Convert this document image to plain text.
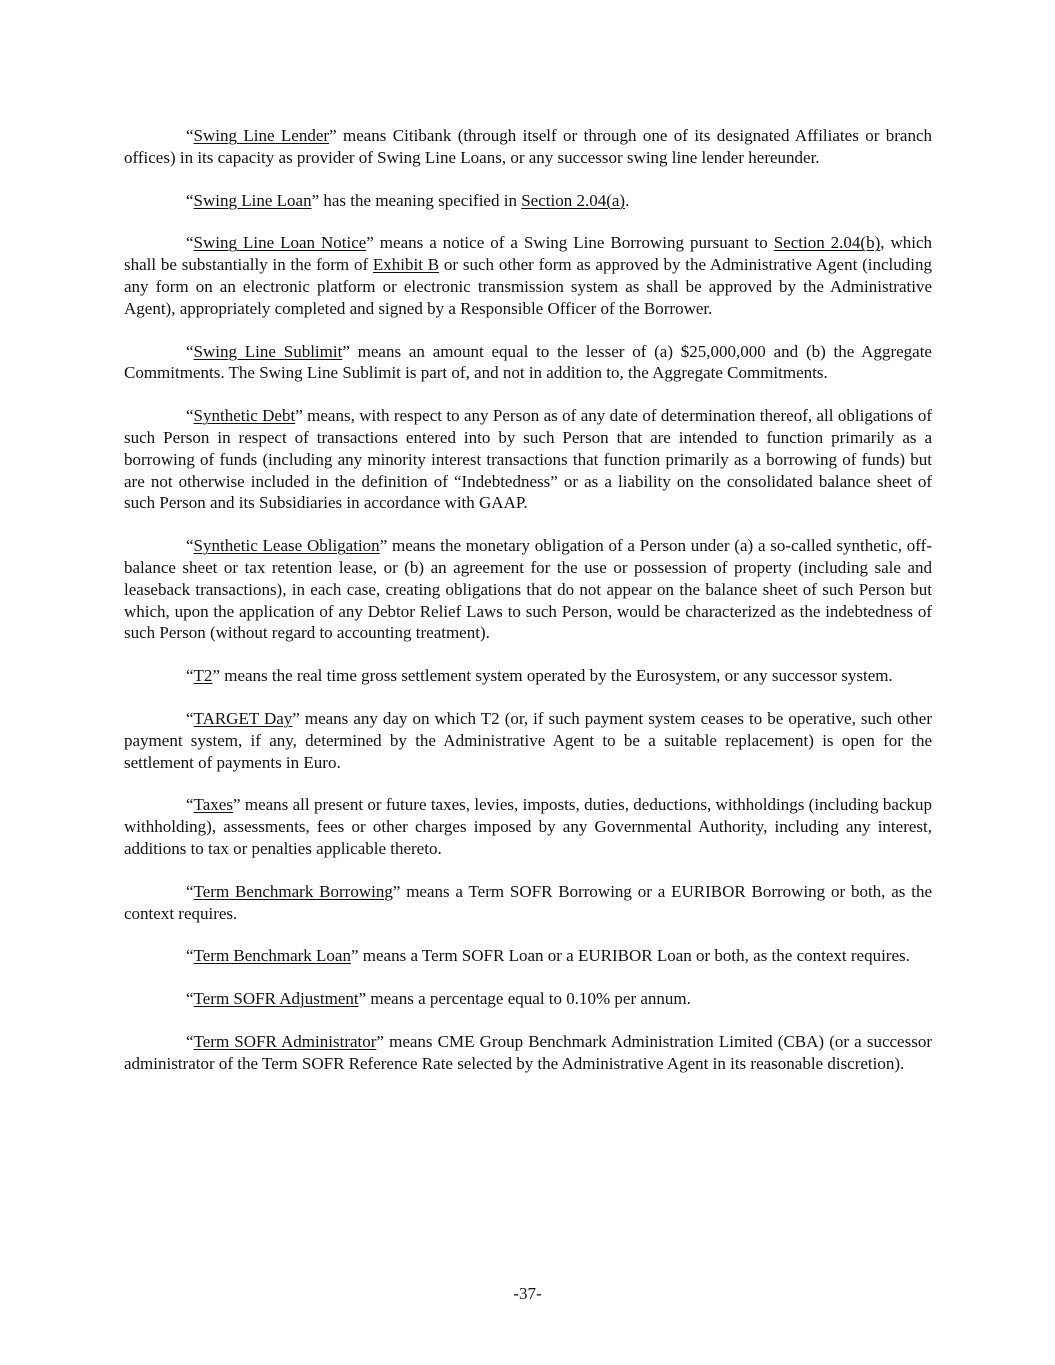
“Swing Line Lender” means Citibank (through itself or through one of its designated Affiliates or branch offices) in its capacity as provider of Swing Line Loans, or any successor swing line lender hereunder.

“Swing Line Loan” has the meaning specified in Section 2.04(a).

“Swing Line Loan Notice” means a notice of a Swing Line Borrowing pursuant to Section 2.04(b), which shall be substantially in the form of Exhibit B or such other form as approved by the Administrative Agent (including any form on an electronic platform or electronic transmission system as shall be approved by the Administrative Agent), appropriately completed and signed by a Responsible Officer of the Borrower.

“Swing Line Sublimit” means an amount equal to the lesser of (a) $25,000,000 and (b) the Aggregate Commitments. The Swing Line Sublimit is part of, and not in addition to, the Aggregate Commitments.

“Synthetic Debt” means, with respect to any Person as of any date of determination thereof, all obligations of such Person in respect of transactions entered into by such Person that are intended to function primarily as a borrowing of funds (including any minority interest transactions that function primarily as a borrowing of funds) but are not otherwise included in the definition of “Indebtedness” or as a liability on the consolidated balance sheet of such Person and its Subsidiaries in accordance with GAAP.

“Synthetic Lease Obligation” means the monetary obligation of a Person under (a) a so-called synthetic, off-balance sheet or tax retention lease, or (b) an agreement for the use or possession of property (including sale and leaseback transactions), in each case, creating obligations that do not appear on the balance sheet of such Person but which, upon the application of any Debtor Relief Laws to such Person, would be characterized as the indebtedness of such Person (without regard to accounting treatment).

“T2” means the real time gross settlement system operated by the Eurosystem, or any successor system.

“TARGET Day” means any day on which T2 (or, if such payment system ceases to be operative, such other payment system, if any, determined by the Administrative Agent to be a suitable replacement) is open for the settlement of payments in Euro.

“Taxes” means all present or future taxes, levies, imposts, duties, deductions, withholdings (including backup withholding), assessments, fees or other charges imposed by any Governmental Authority, including any interest, additions to tax or penalties applicable thereto.

“Term Benchmark Borrowing” means a Term SOFR Borrowing or a EURIBOR Borrowing or both, as the context requires.

“Term Benchmark Loan” means a Term SOFR Loan or a EURIBOR Loan or both, as the context requires.

“Term SOFR Adjustment” means a percentage equal to 0.10% per annum.

“Term SOFR Administrator” means CME Group Benchmark Administration Limited (CBA) (or a successor administrator of the Term SOFR Reference Rate selected by the Administrative Agent in its reasonable discretion).

-37-
